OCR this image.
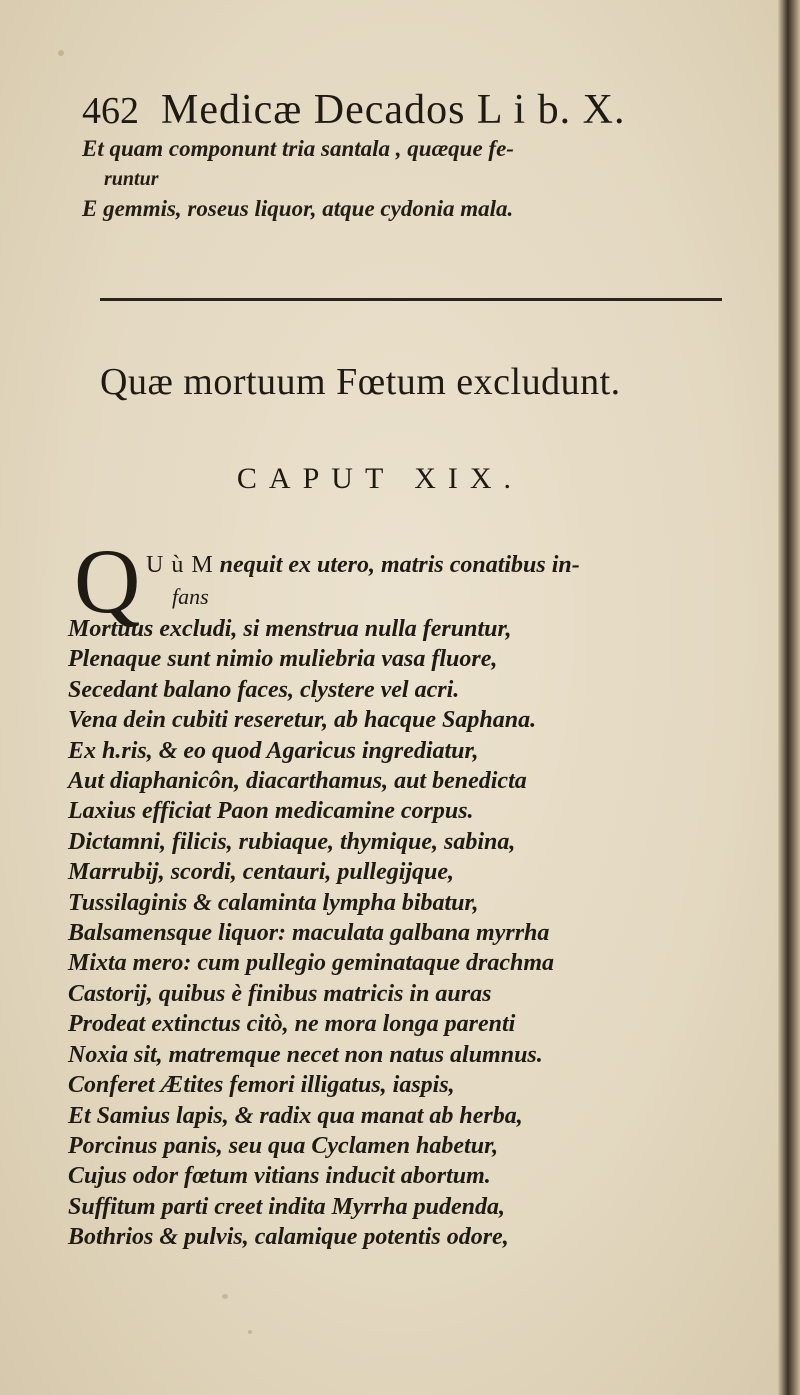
462 Medicæ Decados L i b. X.
Et quam componunt tria santala , quæque fe-
runtur
E gemmis, roseus liquor, atque cydonia mala.
Quæ mortuum Fœtum excludunt.
CAPUT XIX.
Q U ù M nequit ex utero, matris conatibus in-
fans
Mortuus excludi, si menstrua nulla feruntur,
Plenaque sunt nimio muliebria vasa fluore,
Secedant balano faces, clystere vel acri.
Vena dein cubiti reseretur, ab hacque Saphana.
Ex h.ris, & eo quod Agaricus ingrediatur,
Aut diaphanicôn, diacarthamus, aut benedicta
Laxius efficiat Paon medicamine corpus.
Dictamni, filicis, rubiaque, thymique, sabina,
Marrubij, scordi, centauri, pullegijque,
Tussilaginis & calaminta lympha bibatur,
Balsamensque liquor: maculata galbana myrrha
Mixta mero: cum pullegio geminataque drachma
Castorij, quibus è finibus matricis in auras
Prodeat extinctus citò, ne mora longa parenti
Noxia sit, matremque necet non natus alumnus.
Conferet Ætites femori illigatus, iaspis,
Et Samius lapis, & radix qua manat ab herba,
Porcinus panis, seu qua Cyclamen habetur,
Cujus odor fœtum vitians inducit abortum.
Suffitum parti creet indita Myrrha pudenda,
Bothrios & pulvis, calamique potentis odore,
